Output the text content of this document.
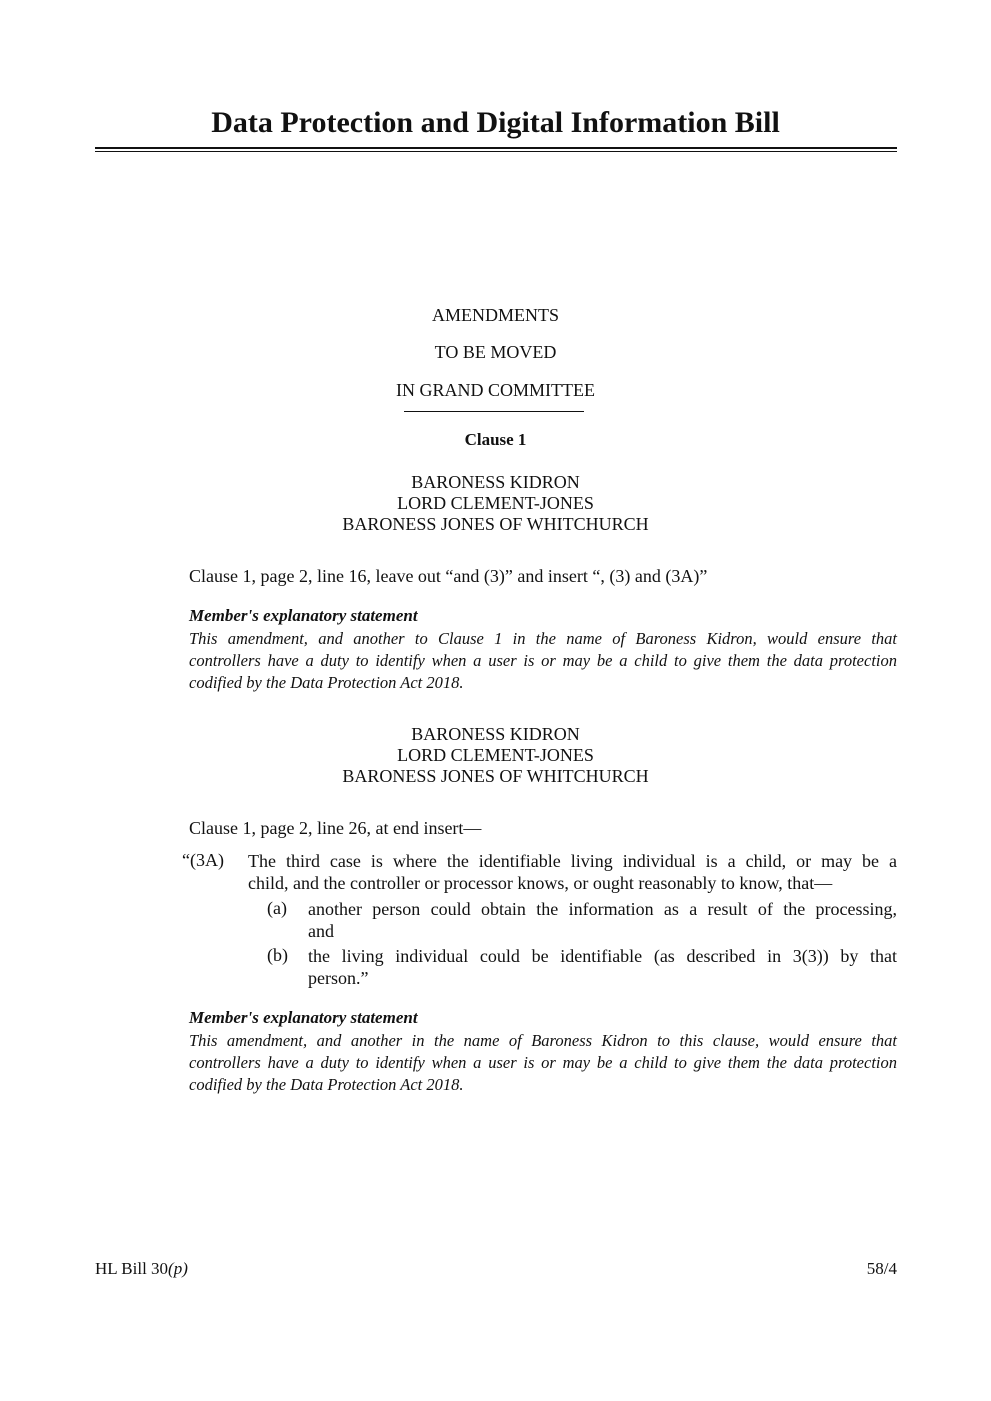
Data Protection and Digital Information Bill
AMENDMENTS
TO BE MOVED
IN GRAND COMMITTEE
Clause 1
BARONESS KIDRON
LORD CLEMENT-JONES
BARONESS JONES OF WHITCHURCH
Clause 1, page 2, line 16, leave out “and (3)” and insert “, (3) and (3A)”
Member's explanatory statement
This amendment, and another to Clause 1 in the name of Baroness Kidron, would ensure that
controllers have a duty to identify when a user is or may be a child to give them the data protection
codified by the Data Protection Act 2018.
BARONESS KIDRON
LORD CLEMENT-JONES
BARONESS JONES OF WHITCHURCH
Clause 1, page 2, line 26, at end insert—
“(3A) The third case is where the identifiable living individual is a child, or may be a
child, and the controller or processor knows, or ought reasonably to know, that—
(a) another person could obtain the information as a result of the processing,
and
(b) the living individual could be identifiable (as described in 3(3)) by that
person.”
Member's explanatory statement
This amendment, and another in the name of Baroness Kidron to this clause, would ensure that
controllers have a duty to identify when a user is or may be a child to give them the data protection
codified by the Data Protection Act 2018.
HL Bill 30(p)	58/4
